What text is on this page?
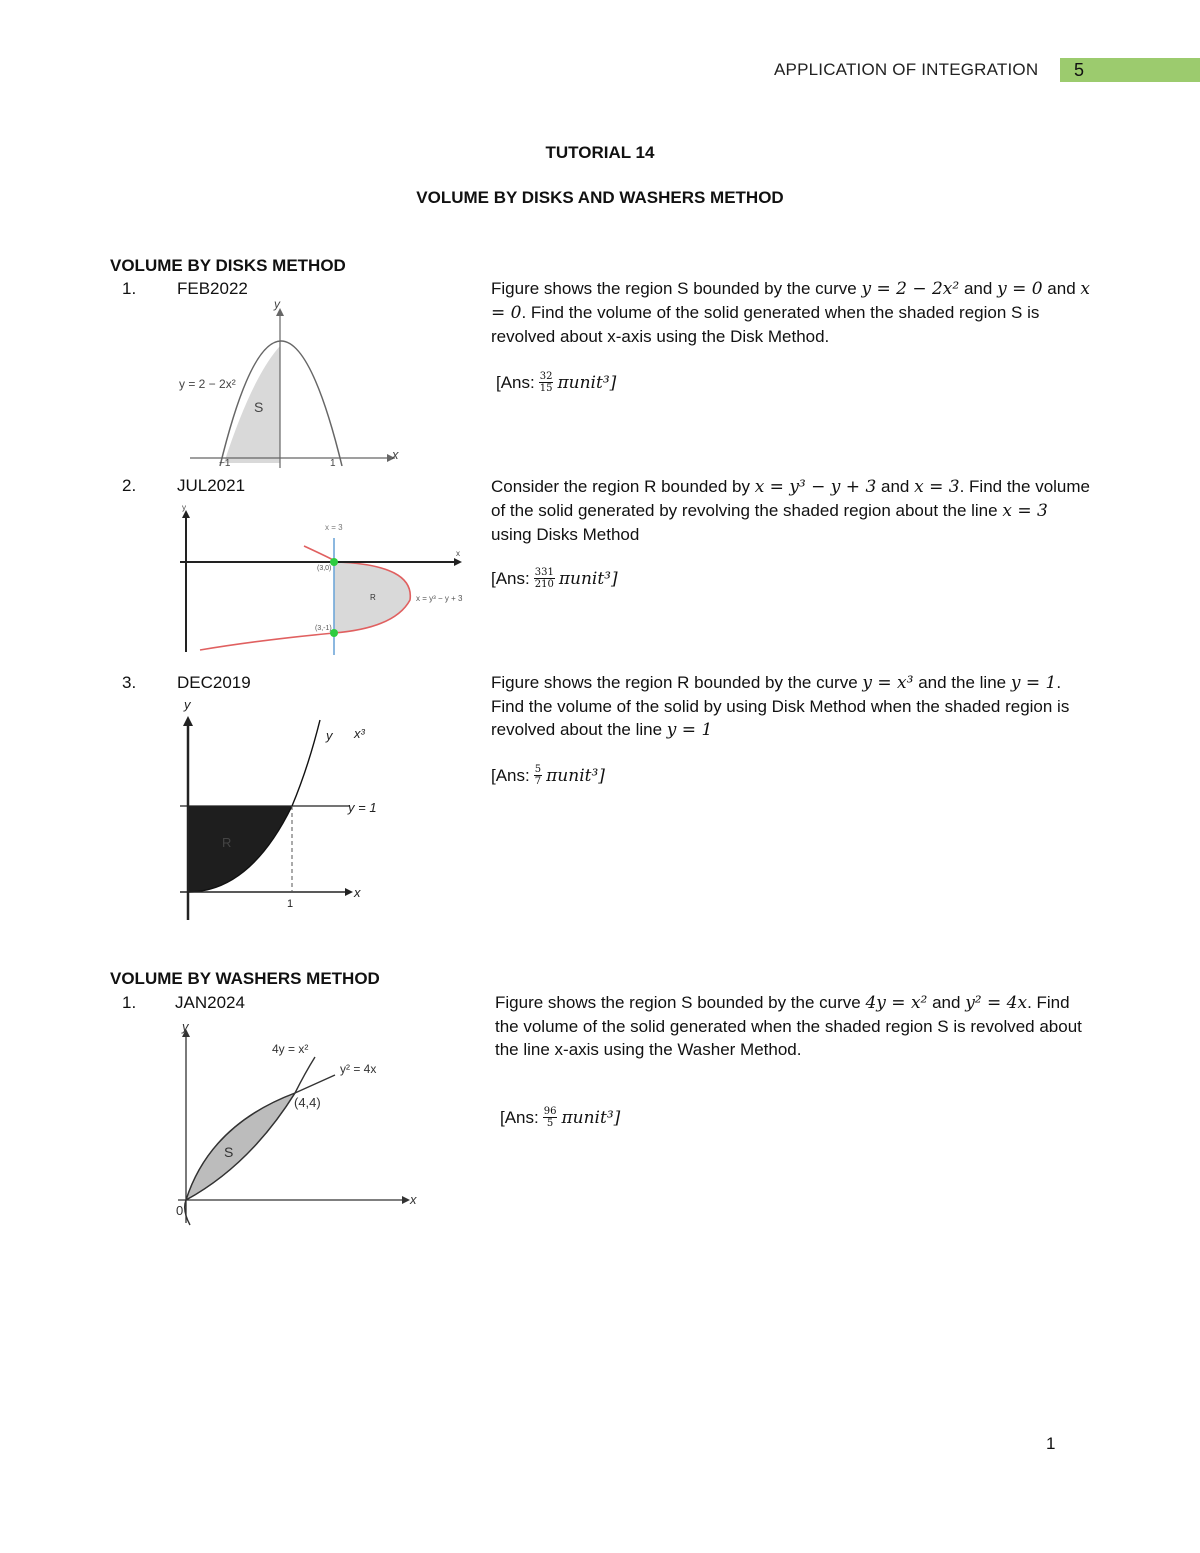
APPLICATION OF INTEGRATION 5
TUTORIAL 14
VOLUME BY DISKS AND WASHERS METHOD
VOLUME BY DISKS METHOD
1. FEB2022	Figure shows the region S bounded by the curve y = 2 − 2x² and y = 0 and x = 0. Find the volume of the solid generated when the shaded region S is revolved about x-axis using the Disk Method.
[Ans: $\frac{32}{15}$ πunit³]
y
x
y = 2 − 2x²
S
−1	1
2. JUL2021	Consider the region R bounded by x = y³ − y + 3 and x = 3. Find the volume of the solid generated by revolving the shaded region about the line x = 3 using Disks Method
[Ans: $\frac{331}{210}$ πunit³]
y
x
x = 3
(3,0)
(3,-1)
x = y³ − y + 3
R
3. DEC2019	Figure shows the region R bounded by the curve y = x³ and the line y = 1. Find the volume of the solid by using Disk Method when the shaded region is revolved about the line y = 1
[Ans: $\frac{5}{7}$ πunit³]
y
x
y x³
y = 1
R
1
VOLUME BY WASHERS METHOD
1. JAN2024	Figure shows the region S bounded by the curve 4y = x² and y² = 4x. Find the volume of the solid generated when the shaded region S is revolved about the line x-axis using the Washer Method.
[Ans: $\frac{96}{5}$ πunit³]
y
x
4y = x²
y² = 4x
(4,4)
S
0
1
